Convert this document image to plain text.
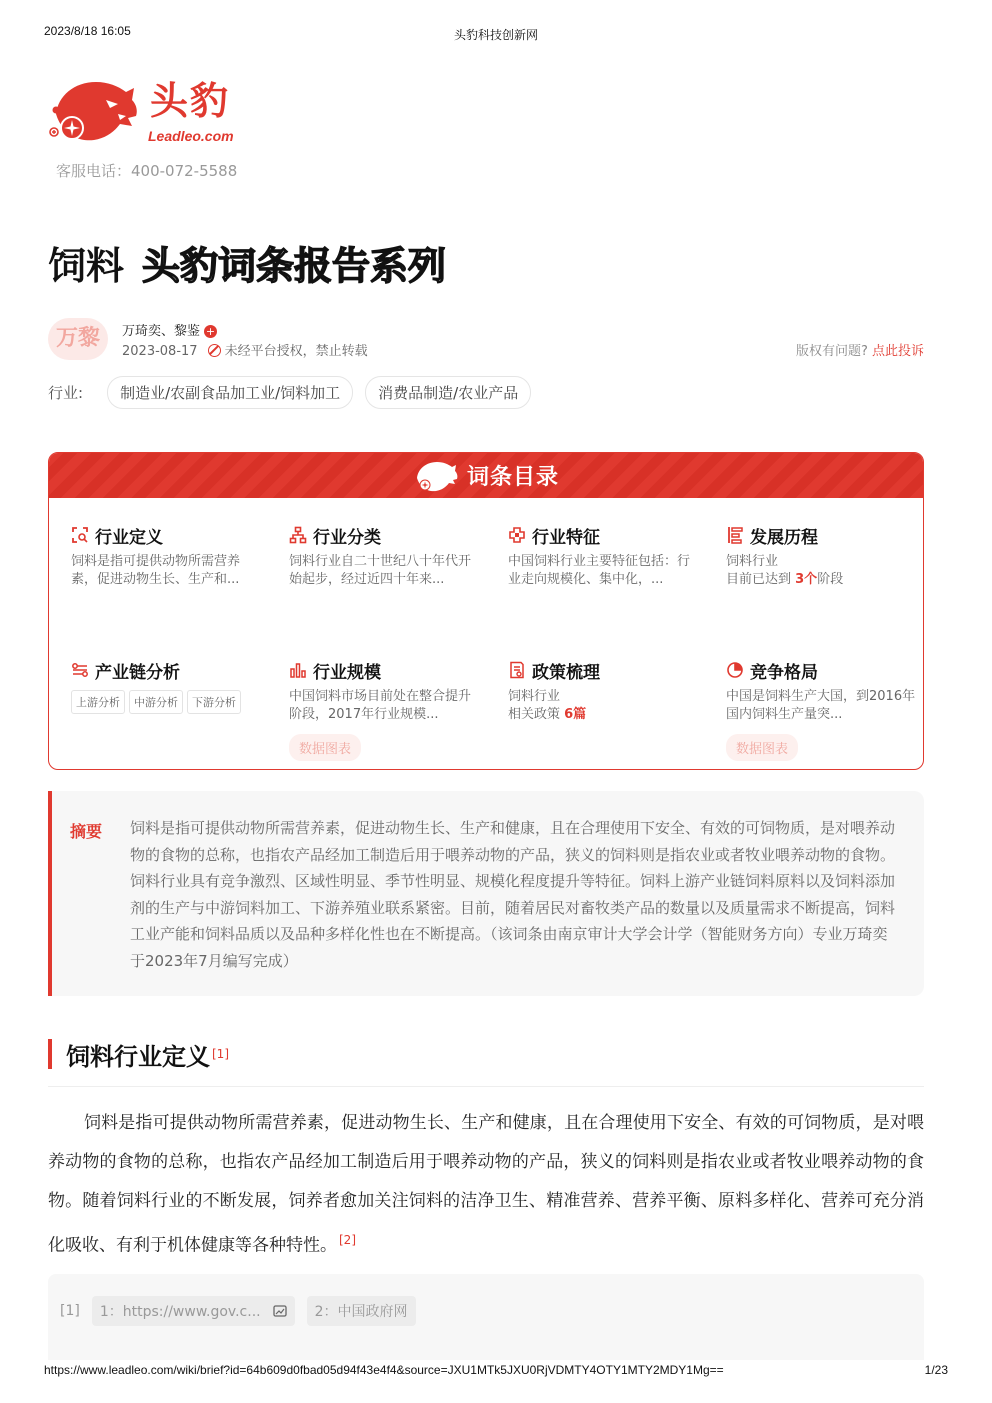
2023/8/18 16:05	头豹科技创新网
头豹
Leadleo.com
客服电话：400-072-5588
饲料 头豹词条报告系列
万黎	万琦奕、黎鉴 +
2023-08-17 未经平台授权，禁止转载	版权有问题? 点此投诉
行业:	制造业/农副食品加工业/饲料加工	消费品制造/农业产品
词条目录
行业定义
饲料是指可提供动物所需营养素，促进动物生长、生产和...
行业分类
饲料行业自二十世纪八十年代开始起步，经过近四十年来...
行业特征
中国饲料行业主要特征包括：行业走向规模化、集中化，...
发展历程
饲料行业
目前已达到 3个阶段
产业链分析
上游分析	中游分析	下游分析
行业规模
中国饲料市场目前处在整合提升阶段，2017年行业规模...
数据图表
政策梳理
饲料行业
相关政策 6篇
竞争格局
中国是饲料生产大国，到2016年国内饲料生产量突...
数据图表
摘要 饲料是指可提供动物所需营养素，促进动物生长、生产和健康，且在合理使用下安全、有效的可饲物质，是对喂养动物的食物的总称，也指农产品经加工制造后用于喂养动物的产品，狭义的饲料则是指农业或者牧业喂养动物的食物。饲料行业具有竞争激烈、区域性明显、季节性明显、规模化程度提升等特征。饲料上游产业链饲料原料以及饲料添加剂的生产与中游饲料加工、下游养殖业联系紧密。目前，随着居民对畜牧类产品的数量以及质量需求不断提高，饲料工业产能和饲料品质以及品种多样化性也在不断提高。（该词条由南京审计大学会计学（智能财务方向）专业万琦奕于2023年7月编写完成）
饲料行业定义 [1]

饲料是指可提供动物所需营养素，促进动物生长、生产和健康，且在合理使用下安全、有效的可饲物质，是对喂养动物的食物的总称，也指农产品经加工制造后用于喂养动物的产品，狭义的饲料则是指农业或者牧业喂养动物的食物。随着饲料行业的不断发展，饲养者愈加关注饲料的洁净卫生、精准营养、营养平衡、原料多样化、营养可充分消化吸收、有利于机体健康等各种特性。 [2]

[1] 1：https://www.gov.c...	2：中国政府网
https://www.leadleo.com/wiki/brief?id=64b609d0fbad05d94f43e4f4&source=JXU1MTk5JXU0RjVDMTY4OTY1MTY2MDY1Mg==	1/23
